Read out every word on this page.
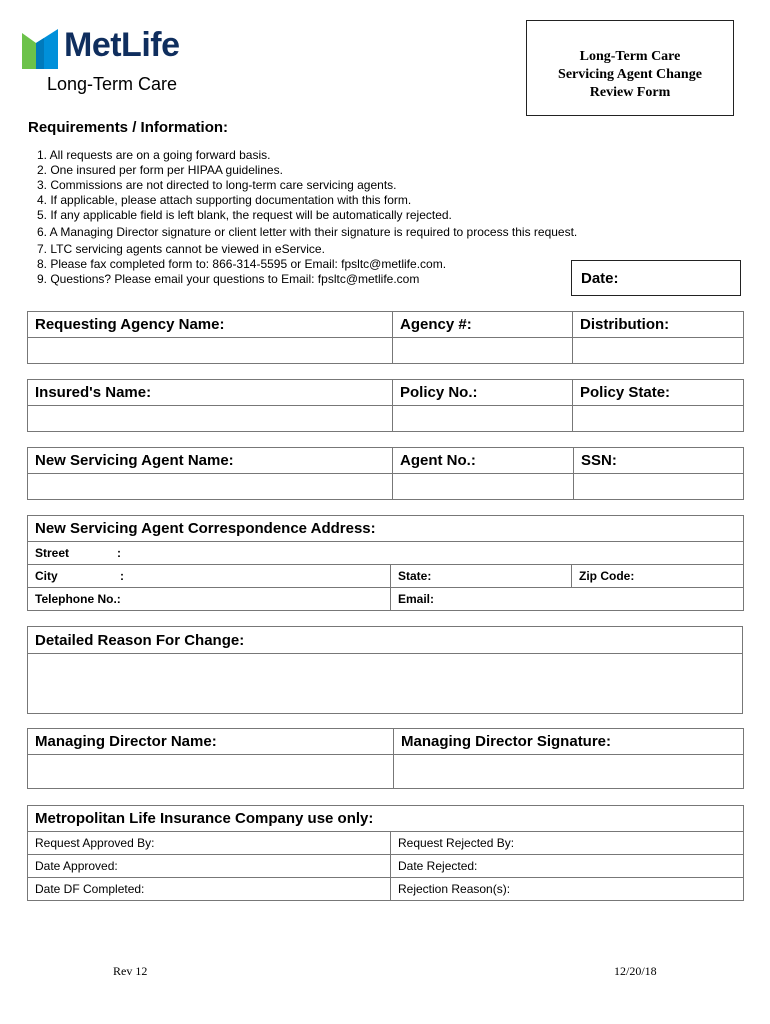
MetLife
Long-Term Care
Long-Term Care
Servicing Agent Change
Review Form
Requirements / Information:
1. All requests are on a going forward basis.
2. One insured per form per HIPAA guidelines.
3. Commissions are not directed to long-term care servicing agents.
4. If applicable, please attach supporting documentation with this form.
5. If any applicable field is left blank, the request will be automatically rejected.
6. A Managing Director signature or client letter with their signature is required to process this request.
7. LTC servicing agents cannot be viewed in eService.
8. Please fax completed form to: 866-314-5595 or Email: fpsltc@metlife.com.
9. Questions? Please email your questions to Email: fpsltc@metlife.com	Date:
Requesting Agency Name:	Agency #:	Distribution:

Insured's Name:	Policy No.:	Policy State:

New Servicing Agent Name:	Agent No.:	SSN:

New Servicing Agent Correspondence Address:		
Street :		
City :	State:	Zip Code:
Telephone No.:	Email:	
Detailed Reason For Change:

Managing Director Name:	Managing Director Signature:

Metropolitan Life Insurance Company use only:	
Request Approved By:	Request Rejected By:
Date Approved:	Date Rejected:
Date DF Completed:	Rejection Reason(s):
Rev 12	12/20/18
